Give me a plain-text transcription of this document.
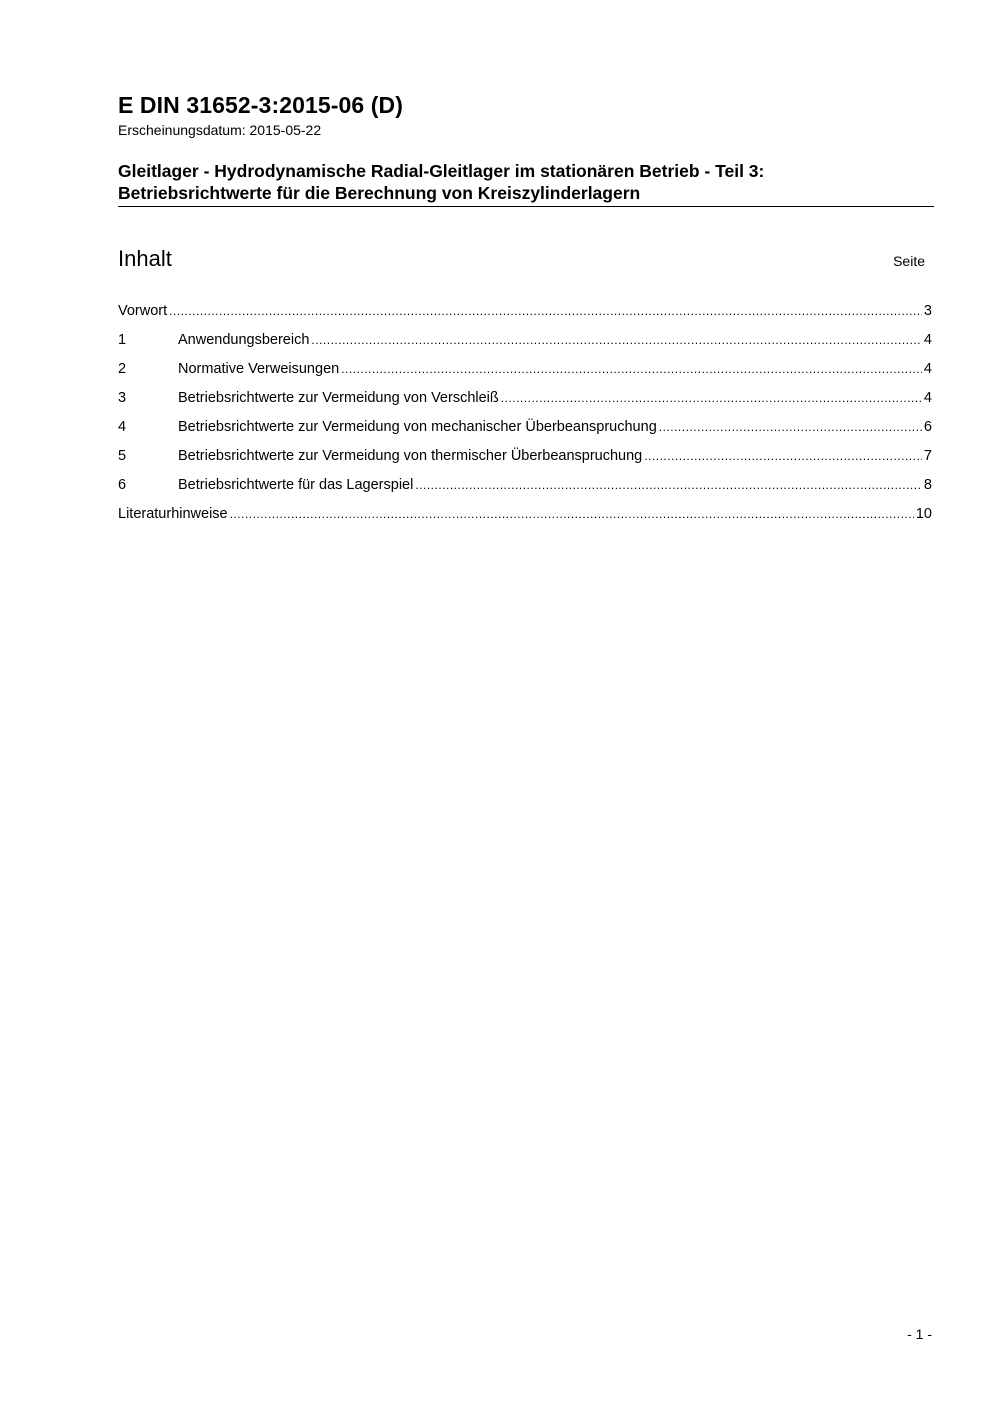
E DIN 31652-3:2015-06 (D)
Erscheinungsdatum: 2015-05-22
Gleitlager - Hydrodynamische Radial-Gleitlager im stationären Betrieb - Teil 3:
Betriebsrichtwerte für die Berechnung von Kreiszylinderlagern
Inhalt	Seite
Vorwort .....	3
1	Anwendungsbereich .....	4
2	Normative Verweisungen .....	4
3	Betriebsrichtwerte zur Vermeidung von Verschleiß .....	4
4	Betriebsrichtwerte zur Vermeidung von mechanischer Überbeanspruchung .....	6
5	Betriebsrichtwerte zur Vermeidung von thermischer Überbeanspruchung .....	7
6	Betriebsrichtwerte für das Lagerspiel .....	8
Literaturhinweise .....	10
- 1 -
